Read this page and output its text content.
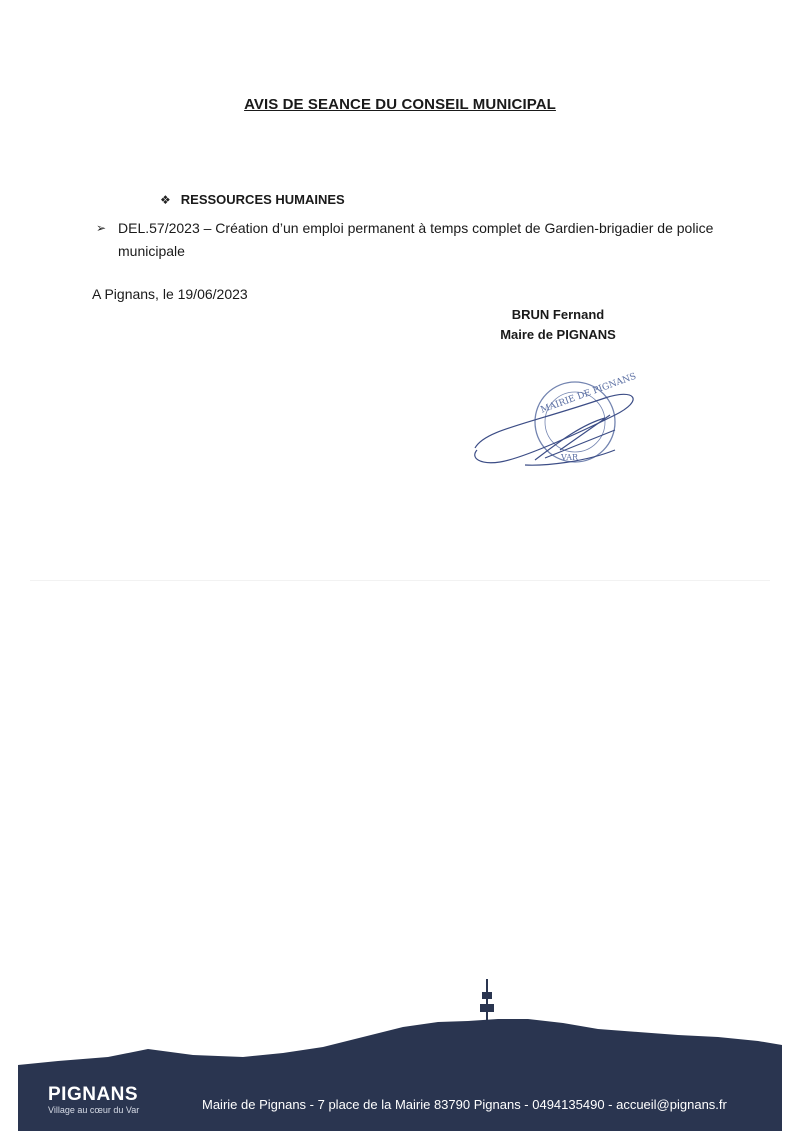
AVIS DE SEANCE DU CONSEIL MUNICIPAL
❖ RESSOURCES HUMAINES
➢ DEL.57/2023 – Création d’un emploi permanent à temps complet de Gardien-brigadier de police municipale
A Pignans, le 19/06/2023
BRUN Fernand
Maire de PIGNANS
MAIRIE DE PIGNANS
VAR
PIGNANS
Village au cœur du Var	Mairie de Pignans - 7 place de la Mairie 83790 Pignans - 0494135490 - accueil@pignans.fr
